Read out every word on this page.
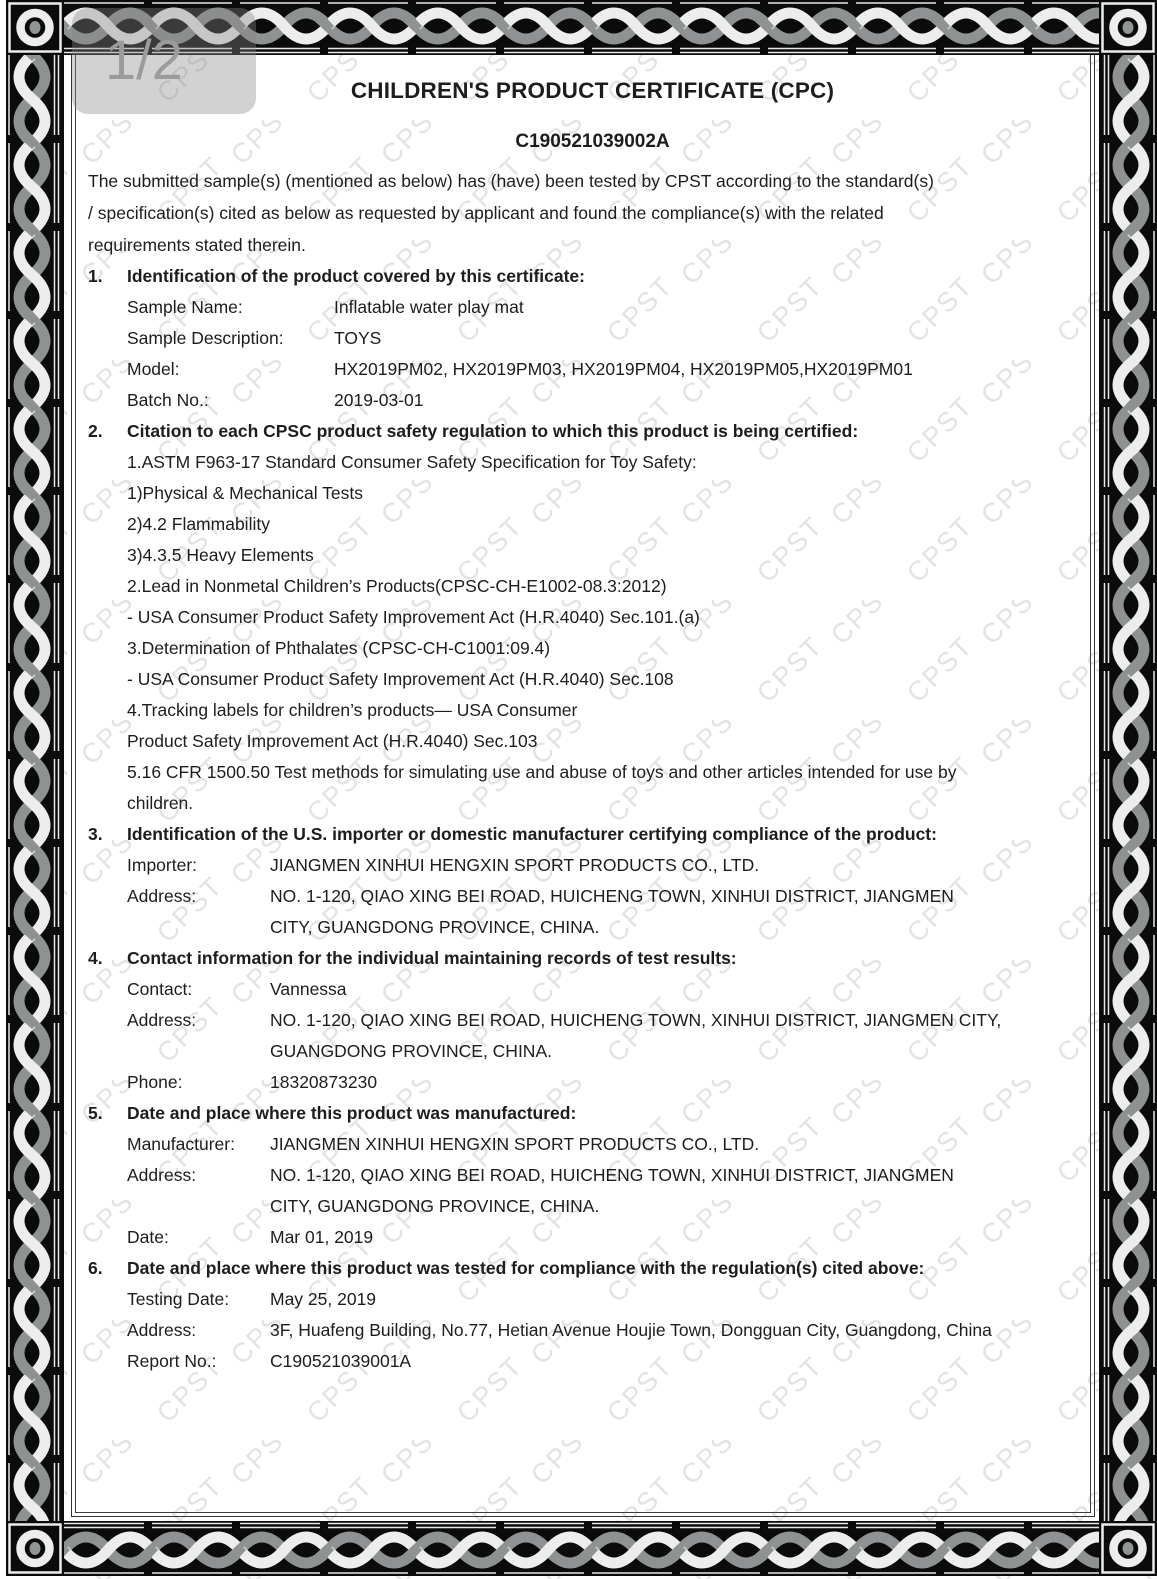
CHILDREN'S PRODUCT CERTIFICATE (CPC)
C190521039002A
The submitted sample(s) (mentioned as below) has (have) been tested by CPST according to the standard(s)
/ specification(s) cited as below as requested by applicant and found the compliance(s) with the related
requirements stated therein.
1. Identification of the product covered by this certificate:
Sample Name:	Inflatable water play mat
Sample Description:	TOYS
Model:	HX2019PM02, HX2019PM03, HX2019PM04, HX2019PM05,HX2019PM01
Batch No.:	2019-03-01
2. Citation to each CPSC product safety regulation to which this product is being certified:
1.ASTM F963-17 Standard Consumer Safety Specification for Toy Safety:
1)Physical & Mechanical Tests
2)4.2 Flammability
3)4.3.5 Heavy Elements
2.Lead in Nonmetal Children’s Products(CPSC-CH-E1002-08.3:2012)
- USA Consumer Product Safety Improvement Act (H.R.4040) Sec.101.(a)
3.Determination of Phthalates (CPSC-CH-C1001:09.4)
- USA Consumer Product Safety Improvement Act (H.R.4040) Sec.108
4.Tracking labels for children’s products— USA Consumer
Product Safety Improvement Act (H.R.4040) Sec.103
5.16 CFR 1500.50 Test methods for simulating use and abuse of toys and other articles intended for use by
children.
3. Identification of the U.S. importer or domestic manufacturer certifying compliance of the product:
Importer:	JIANGMEN XINHUI HENGXIN SPORT PRODUCTS CO., LTD.
Address:	NO. 1-120, QIAO XING BEI ROAD, HUICHENG TOWN, XINHUI DISTRICT, JIANGMEN
CITY, GUANGDONG PROVINCE, CHINA.
4. Contact information for the individual maintaining records of test results:
Contact:	Vannessa
Address:	NO. 1-120, QIAO XING BEI ROAD, HUICHENG TOWN, XINHUI DISTRICT, JIANGMEN CITY,
GUANGDONG PROVINCE, CHINA.
Phone:	18320873230
5. Date and place where this product was manufactured:
Manufacturer: JIANGMEN XINHUI HENGXIN SPORT PRODUCTS CO., LTD.
Address:	NO. 1-120, QIAO XING BEI ROAD, HUICHENG TOWN, XINHUI DISTRICT, JIANGMEN
CITY, GUANGDONG PROVINCE, CHINA.
Date:	Mar 01, 2019
6. Date and place where this product was tested for compliance with the regulation(s) cited above:
Testing Date: May 25, 2019
Address:	3F, Huafeng Building, No.77, Hetian Avenue Houjie Town, Dongguan City, Guangdong, China
Report No.:	C190521039001A
1/2
